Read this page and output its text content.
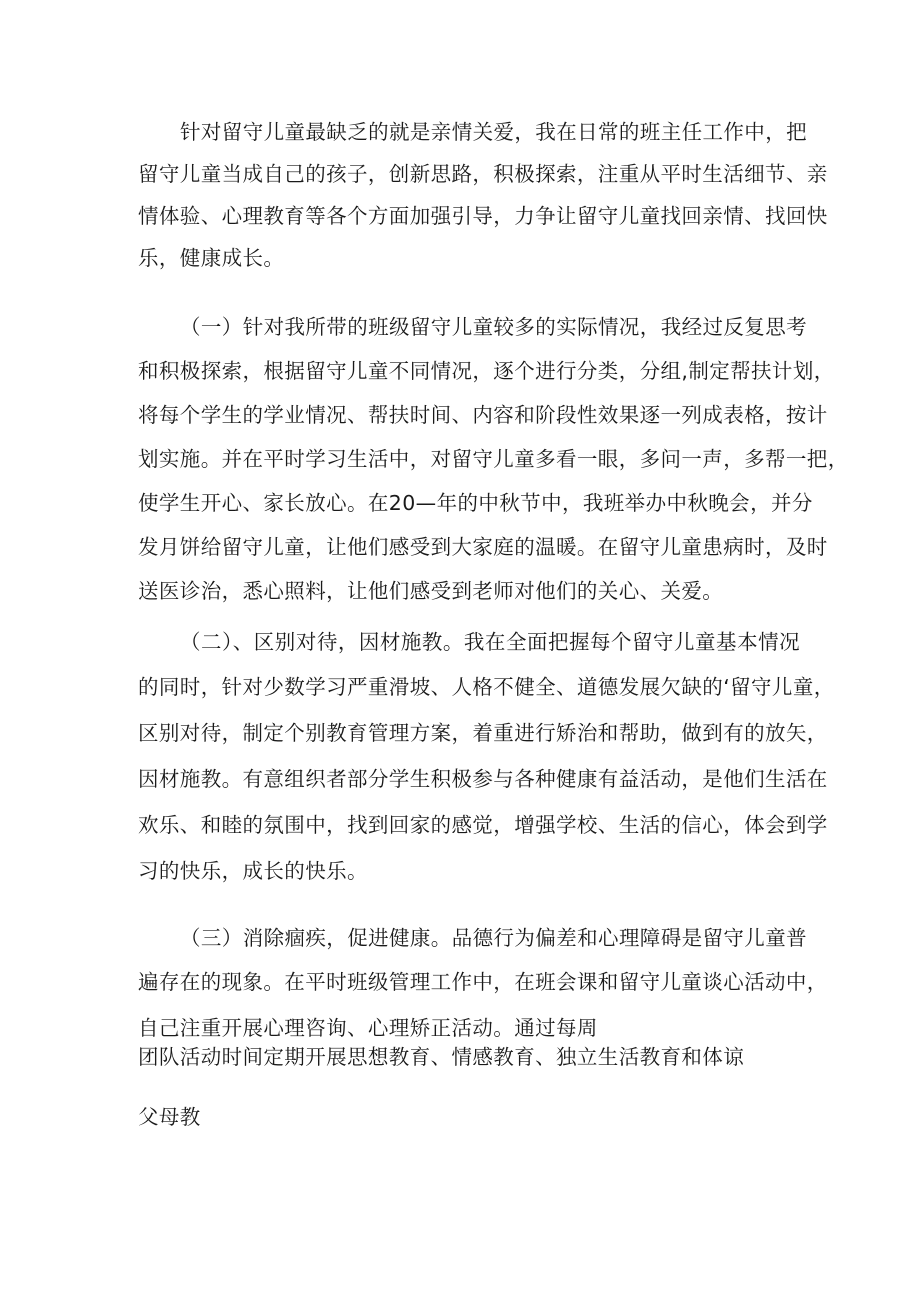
针对留守儿童最缺乏的就是亲情关爱，我在日常的班主任工作中，把
留守儿童当成自己的孩子，创新思路，积极探索，注重从平时生活细节、亲
情体验、心理教育等各个方面加强引导，力争让留守儿童找回亲情、找回快
乐，健康成长。
（一）针对我所带的班级留守儿童较多的实际情况，我经过反复思考
和积极探索，根据留守儿童不同情况，逐个进行分类，分组,制定帮扶计划，
将每个学生的学业情况、帮扶时间、内容和阶段性效果逐一列成表格，按计
划实施。并在平时学习生活中，对留守儿童多看一眼，多问一声，多帮一把，
使学生开心、家长放心。在20—年的中秋节中，我班举办中秋晚会，并分
发月饼给留守儿童，让他们感受到大家庭的温暖。在留守儿童患病时，及时
送医诊治，悉心照料，让他们感受到老师对他们的关心、关爱。
（二）、区别对待，因材施教。我在全面把握每个留守儿童基本情况
的同时，针对少数学习严重滑坡、人格不健全、道德发展欠缺的‘留守儿童，
区别对待，制定个别教育管理方案，着重进行矫治和帮助，做到有的放矢，
因材施教。有意组织者部分学生积极参与各种健康有益活动，是他们生活在
欢乐、和睦的氛围中，找到回家的感觉，增强学校、生活的信心，体会到学
习的快乐，成长的快乐。
（三）消除痼疾，促进健康。品德行为偏差和心理障碍是留守儿童普
遍存在的现象。在平时班级管理工作中，在班会课和留守儿童谈心活动中，
自己注重开展心理咨询、心理矫正活动。通过每周
团队活动时间定期开展思想教育、情感教育、独立生活教育和体谅
父母教
